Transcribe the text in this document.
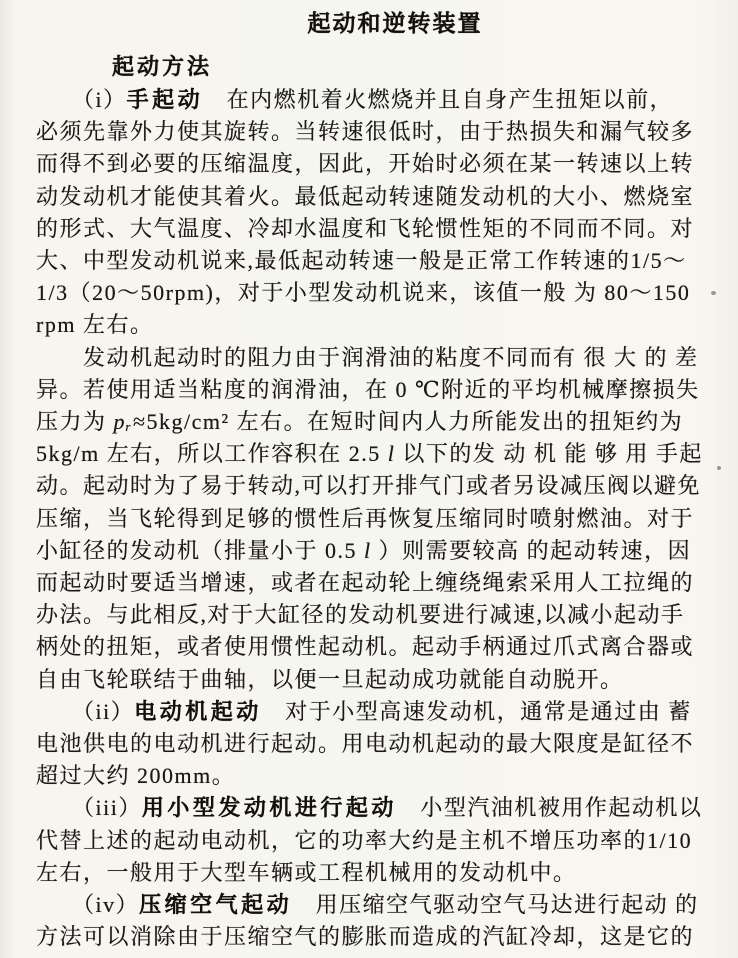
起动和逆转装置
起动方法
　　（i）手起动　在内燃机着火燃烧并且自身产生扭矩以前，
必须先靠外力使其旋转。当转速很低时，由于热损失和漏气较多
而得不到必要的压缩温度，因此，开始时必须在某一转速以上转
动发动机才能使其着火。最低起动转速随发动机的大小、燃烧室
的形式、大气温度、冷却水温度和飞轮惯性矩的不同而不同。对
大、中型发动机说来,最低起动转速一般是正常工作转速的1/5～
1/3（20～50rpm)，对于小型发动机说来，该值一般 为 80～150
rpm 左右。
　　发动机起动时的阻力由于润滑油的粘度不同而有 很 大 的 差
异。若使用适当粘度的润滑油，在 0 ℃附近的平均机械摩擦损失
压力为 pᵣ≈5kg/cm² 左右。在短时间内人力所能发出的扭矩约为
5kg/m 左右，所以工作容积在 2.5 l 以下的发 动 机 能 够 用 手起
动。起动时为了易于转动,可以打开排气门或者另设减压阀以避免
压缩，当飞轮得到足够的惯性后再恢复压缩同时喷射燃油。对于
小缸径的发动机（排量小于 0.5 l ）则需要较高 的起动转速，因
而起动时要适当增速，或者在起动轮上缠绕绳索采用人工拉绳的
办法。与此相反,对于大缸径的发动机要进行减速,以减小起动手
柄处的扭矩，或者使用惯性起动机。起动手柄通过爪式离合器或
自由飞轮联结于曲轴，以便一旦起动成功就能自动脱开。
　　（ii）电动机起动　对于小型高速发动机，通常是通过由 蓄
电池供电的电动机进行起动。用电动机起动的最大限度是缸径不
超过大约 200mm。
　　（iii）用小型发动机进行起动　小型汽油机被用作起动机以
代替上述的起动电动机，它的功率大约是主机不增压功率的1/10
左右，一般用于大型车辆或工程机械用的发动机中。
　　（iv）压缩空气起动　用压缩空气驱动空气马达进行起动 的
方法可以消除由于压缩空气的膨胀而造成的汽缸冷却，这是它的
